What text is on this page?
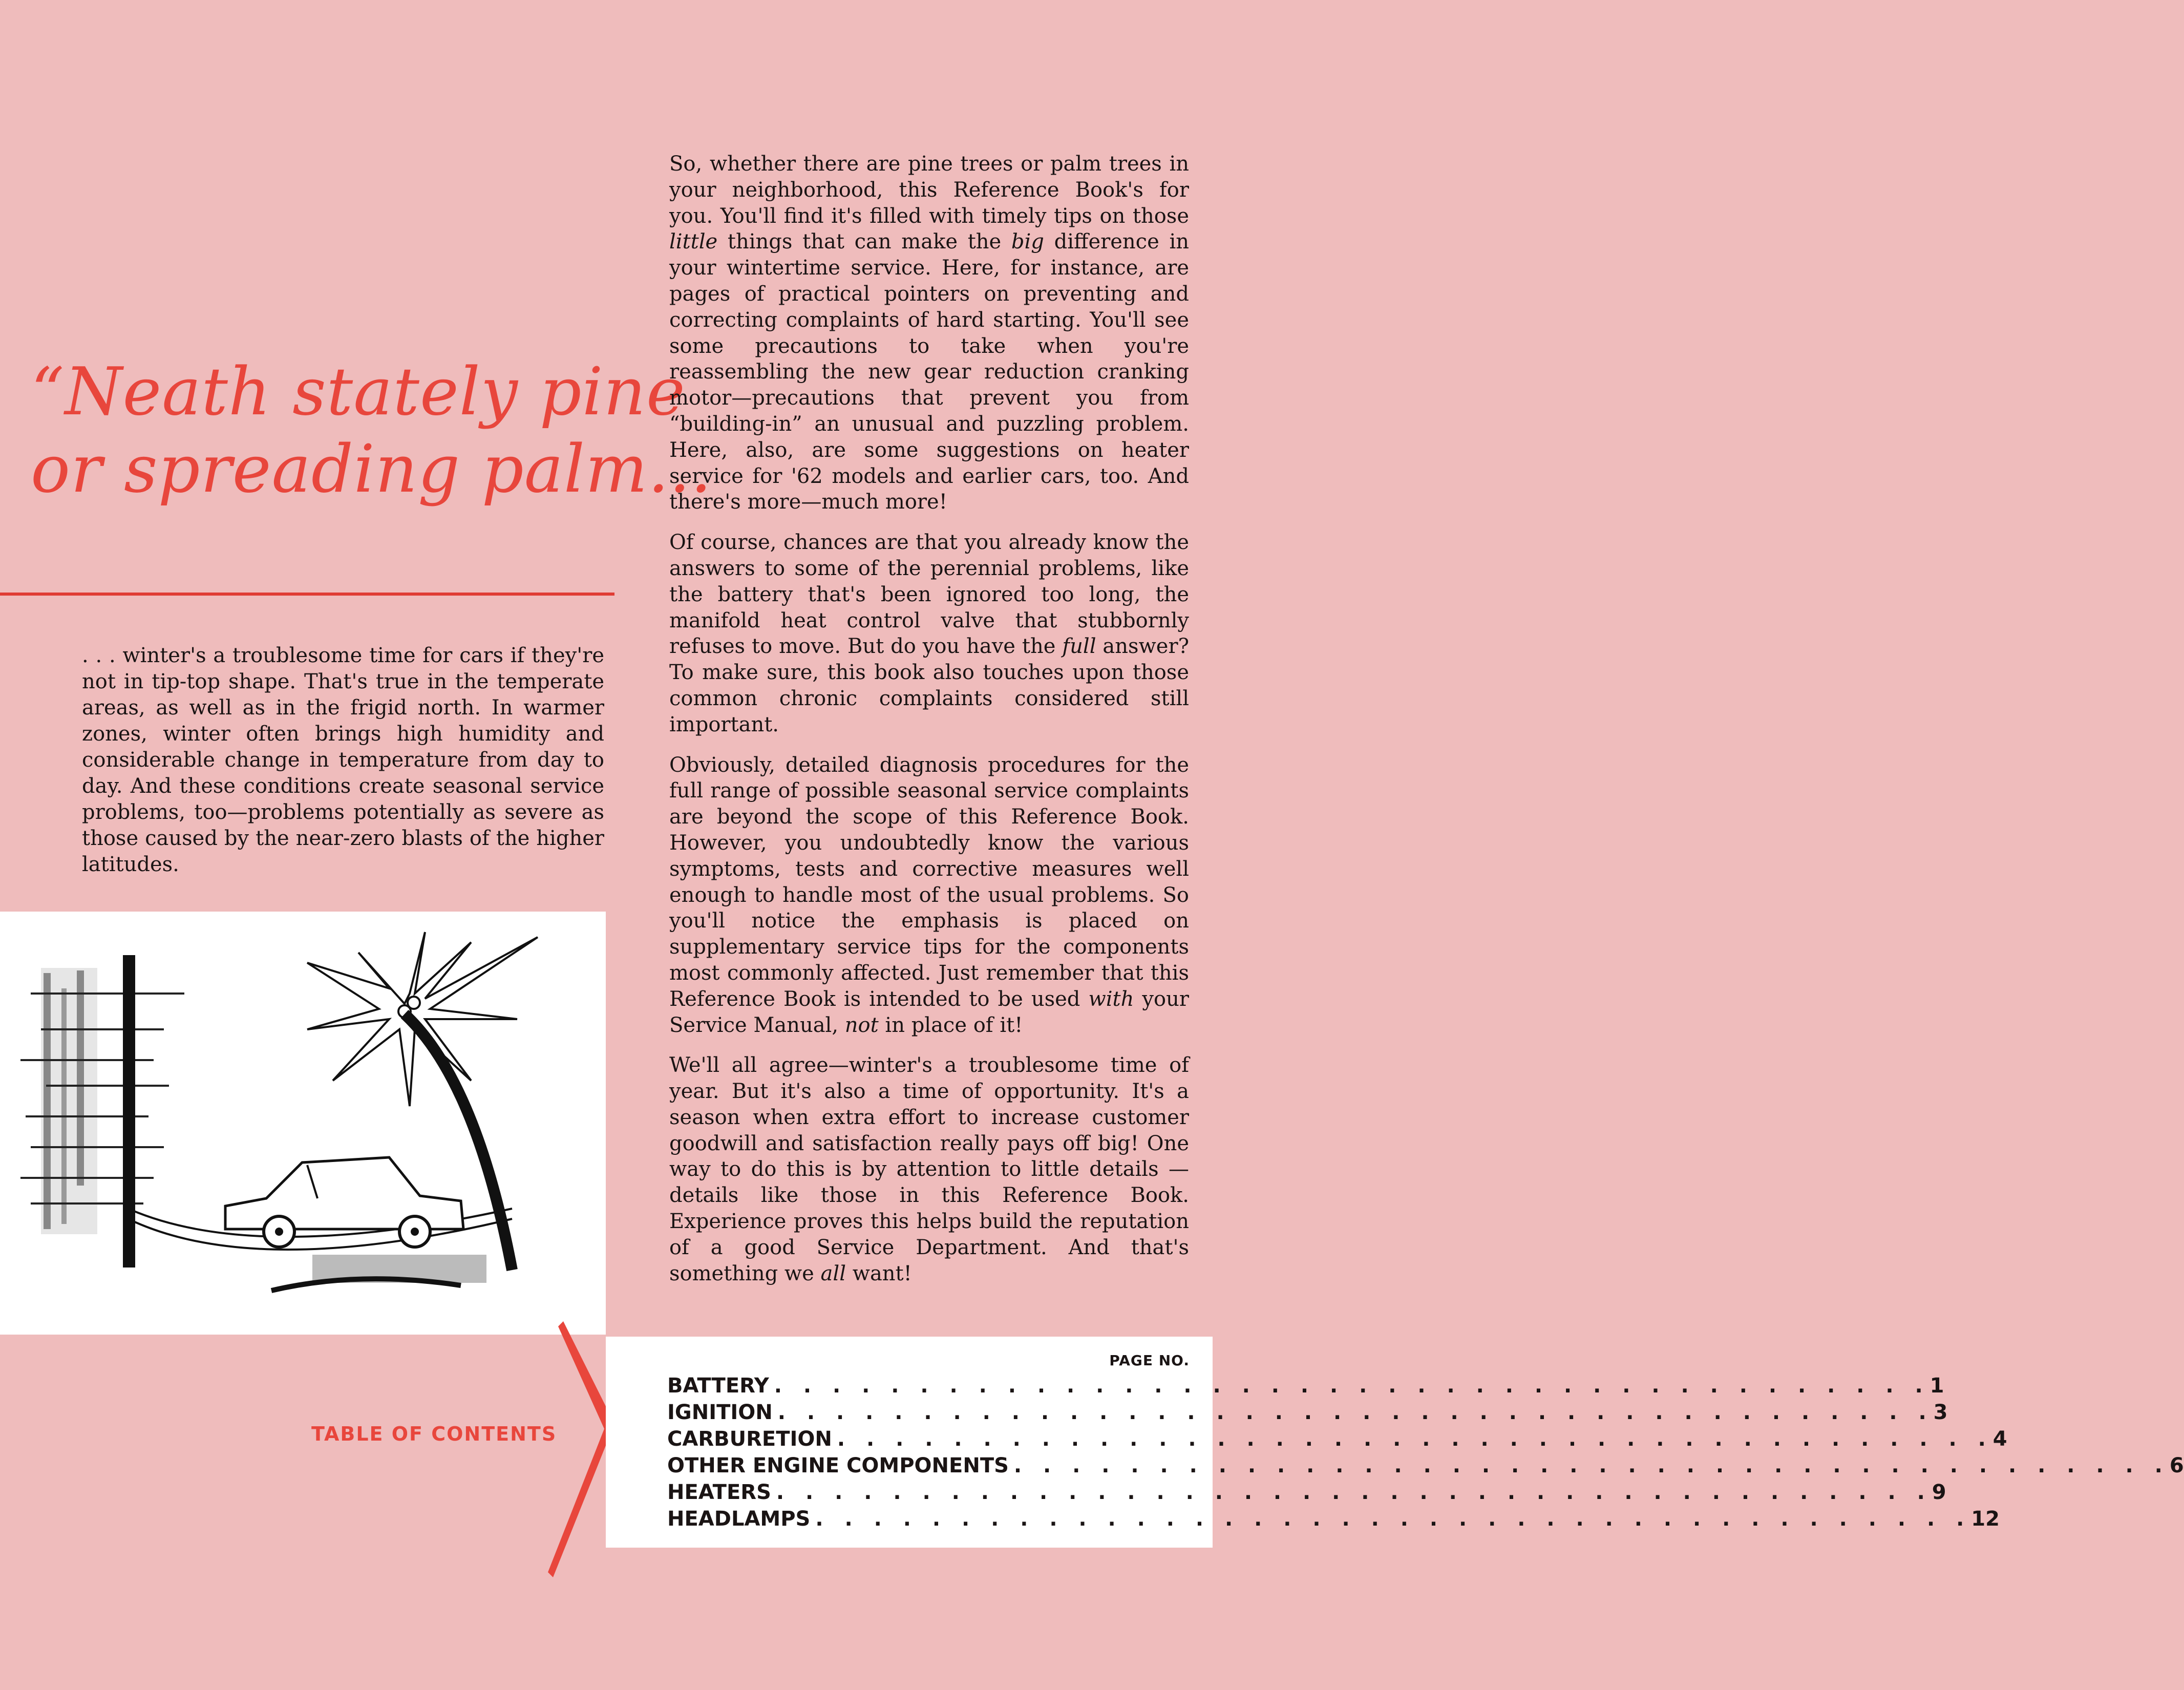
“Neath stately pine
or spreading palm...
. . . winter's a troublesome time for cars if they're not in tip-top shape. That's true in the temperate areas, as well as in the frigid north. In warmer zones, winter often brings high humidity and considerable change in temperature from day to day. And these conditions create seasonal service problems, too—problems potentially as severe as those caused by the near-zero blasts of the higher latitudes.

So, whether there are pine trees or palm trees in your neighborhood, this Reference Book's for you. You'll find it's filled with timely tips on those little things that can make the big difference in your wintertime service. Here, for instance, are pages of practical pointers on preventing and correcting complaints of hard starting. You'll see some precautions to take when you're reassembling the new gear reduction cranking motor—precautions that prevent you from “building-in” an unusual and puzzling problem. Here, also, are some suggestions on heater service for '62 models and earlier cars, too. And there's more—much more!

Of course, chances are that you already know the answers to some of the perennial problems, like the battery that's been ignored too long, the manifold heat control valve that stubbornly refuses to move. But do you have the full answer? To make sure, this book also touches upon those common chronic complaints considered still important.

Obviously, detailed diagnosis procedures for the full range of possible seasonal service complaints are beyond the scope of this Reference Book. However, you undoubtedly know the various symptoms, tests and corrective measures well enough to handle most of the usual problems. So you'll notice the emphasis is placed on supplementary service tips for the components most commonly affected. Just remember that this Reference Book is intended to be used with your Service Manual, not in place of it!

We'll all agree—winter's a troublesome time of year. But it's also a time of opportunity. It's a season when extra effort to increase customer goodwill and satisfaction really pays off big! One way to do this is by attention to little details — details like those in this Reference Book. Experience proves this helps build the reputation of a good Service Department. And that's something we all want!

TABLE OF CONTENTS
PAGE NO.
BATTERY . . . . . . . . . . . . . . . . . . . . . . . . . . . . . . . . . . . . . . . . 1
IGNITION . . . . . . . . . . . . . . . . . . . . . . . . . . . . . . . . . . . . . . . . 3
CARBURETION . . . . . . . . . . . . . . . . . . . . . . . . . . . . . . . . . . . . . . . . 4
OTHER ENGINE COMPONENTS . . . . . . . . . . . . . . . . . . . . . . . . . . . . . . . . . . . . . . . . 6
HEATERS . . . . . . . . . . . . . . . . . . . . . . . . . . . . . . . . . . . . . . . . 9
HEADLAMPS . . . . . . . . . . . . . . . . . . . . . . . . . . . . . . . . . . . . . . . . 12
